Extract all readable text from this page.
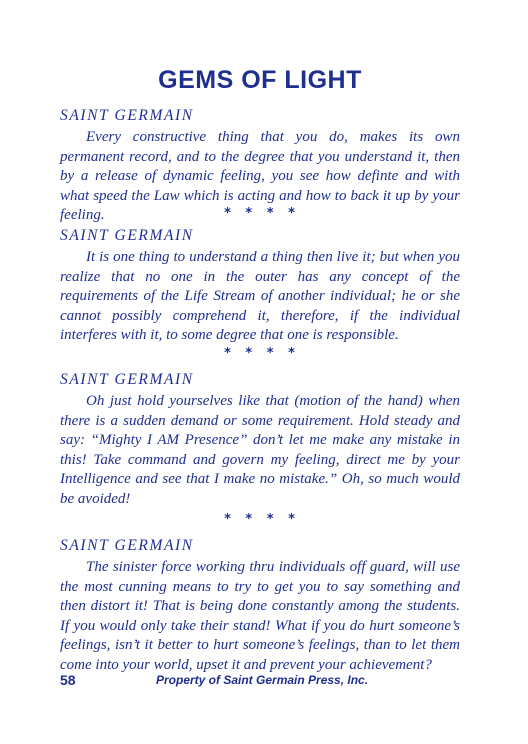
GEMS OF LIGHT
SAINT GERMAIN

Every constructive thing that you do, makes its own permanent record, and to the degree that you understand it, then by a release of dynamic feeling, you see how definte and with what speed the Law which is acting and how to back it up by your feeling.	* * * *
SAINT GERMAIN

It is one thing to understand a thing then live it; but when you realize that no one in the outer has any concept of the requirements of the Life Stream of another individual; he or she cannot possibly comprehend it, therefore, if the individual interferes with it, to some degree that one is responsible.

* * * *
SAINT GERMAIN

Oh just hold yourselves like that (motion of the hand) when there is a sudden demand or some requirement. Hold steady and say: “Mighty I AM Presence” don’t let me make any mistake in this! Take command and govern my feeling, direct me by your Intelligence and see that I make no mistake.” Oh, so much would be avoided!

* * * *
SAINT GERMAIN

The sinister force working thru individuals off guard, will use the most cunning means to try to get you to say something and then distort it! That is being done constantly among the students. If you would only take their stand! What if you do hurt someone’s feelings, isn’t it better to hurt someone’s feelings, than to let them come into your world, upset it and prevent your achievement?

58	Property of Saint Germain Press, Inc.
